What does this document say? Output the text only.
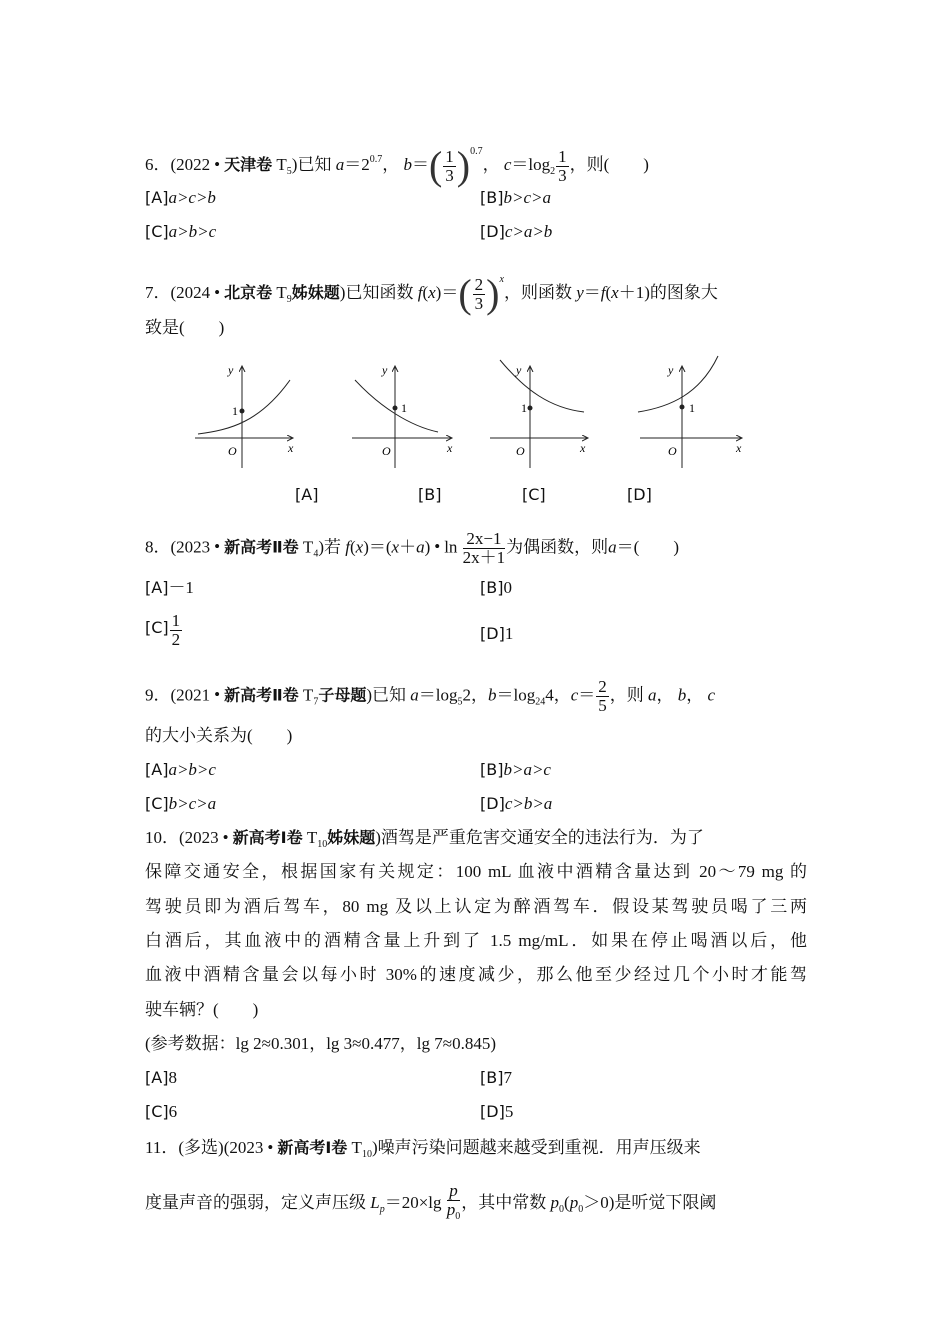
6．(2022 • 天津卷 $T_5$)已知 $a=2^{0.7}$， $b=( \frac{1}{3} )^{0.7}$， $c=\log_2 \frac{1}{3}$ ，则(　　)
[A]a>c>b	[B]b>c>a
[C]a>b>c	[D]c>a>b
7．(2024 • 北京卷 $T_9$姊妹题)已知函数 $f(x)=( \frac{2}{3} )^x$，则函数 y＝f(x＋1)的图象大
致是(　　)
y
1
O	x
y
1
O	x
y
1
O	x
y
1
O	x
[A]	[B]	[C]	[D]
8．(2023 • 新高考Ⅱ卷 $T_4$)若 f(x)＝(x＋a) • $\ln \frac{2x-1}{2x+1}$ 为偶函数，则a＝(　　)
[A]－1	[B]0
$[C] \frac{1}{2}$	[D]1
9．(2021 • 新高考Ⅱ卷 $T_7$子母题)已知 $a=\log_52$，$b=\log_{24}4$，$c= \frac{2}{5}$ ，则 a， b， c
的大小关系为(　　)
[A]a>b>c	[B]b>a>c
[C]b>c>a	[D]c>b>a
10．(2023 • 新高考Ⅰ卷 $T_{10}$姊妹题)酒驾是严重危害交通安全的违法行为．为了
保障交通安全，根据国家有关规定：100 mL 血液中酒精含量达到 20～79 mg 的
驾驶员即为酒后驾车，80 mg 及以上认定为醉酒驾车．假设某驾驶员喝了三两
白酒后，其血液中的酒精含量上升到了 1.5 mg/mL．如果在停止喝酒以后，他
血液中酒精含量会以每小时 30%的速度减少，那么他至少经过几个小时才能驾
驶车辆？(　　)
(参考数据：lg 2≈0.301，lg 3≈0.477，lg 7≈0.845)
[A]8	[B]7
[C]6	[D]5
11．(多选)(2023 • 新高考Ⅰ卷 $T_{10}$)噪声污染问题越来越受到重视．用声压级来
度量声音的强弱，定义声压级 $L_p=20\times\lg \frac{p}{p_0}$ ，其中常数 $p_0(p_0>0)$是听觉下限阈
